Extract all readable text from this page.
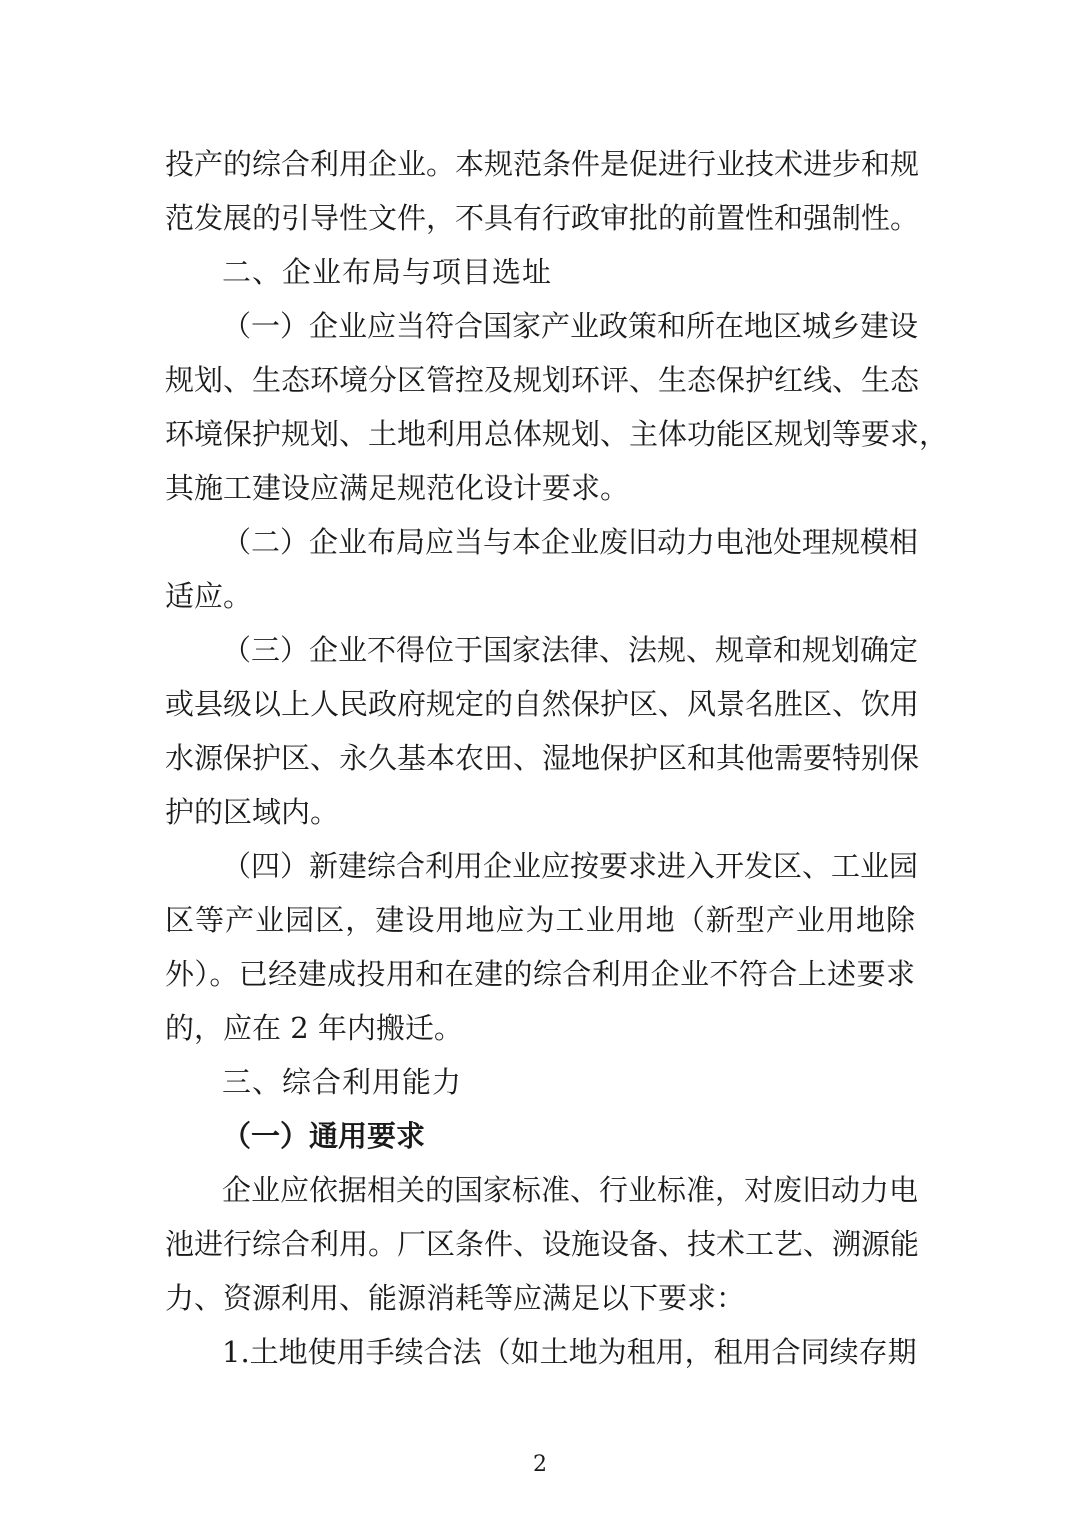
投产的综合利用企业。本规范条件是促进行业技术进步和规
范发展的引导性文件，不具有行政审批的前置性和强制性。
二、企业布局与项目选址
（一）企业应当符合国家产业政策和所在地区城乡建设
规划、生态环境分区管控及规划环评、生态保护红线、生态
环境保护规划、土地利用总体规划、主体功能区规划等要求，
其施工建设应满足规范化设计要求。
（二）企业布局应当与本企业废旧动力电池处理规模相
适应。
（三）企业不得位于国家法律、法规、规章和规划确定
或县级以上人民政府规定的自然保护区、风景名胜区、饮用
水源保护区、永久基本农田、湿地保护区和其他需要特别保
护的区域内。
（四）新建综合利用企业应按要求进入开发区、工业园
区等产业园区，建设用地应为工业用地（新型产业用地除
外）。已经建成投用和在建的综合利用企业不符合上述要求
的，应在 2 年内搬迁。
三、综合利用能力
（一）通用要求
企业应依据相关的国家标准、行业标准，对废旧动力电
池进行综合利用。厂区条件、设施设备、技术工艺、溯源能
力、资源利用、能源消耗等应满足以下要求：
1.土地使用手续合法（如土地为租用，租用合同续存期
2
